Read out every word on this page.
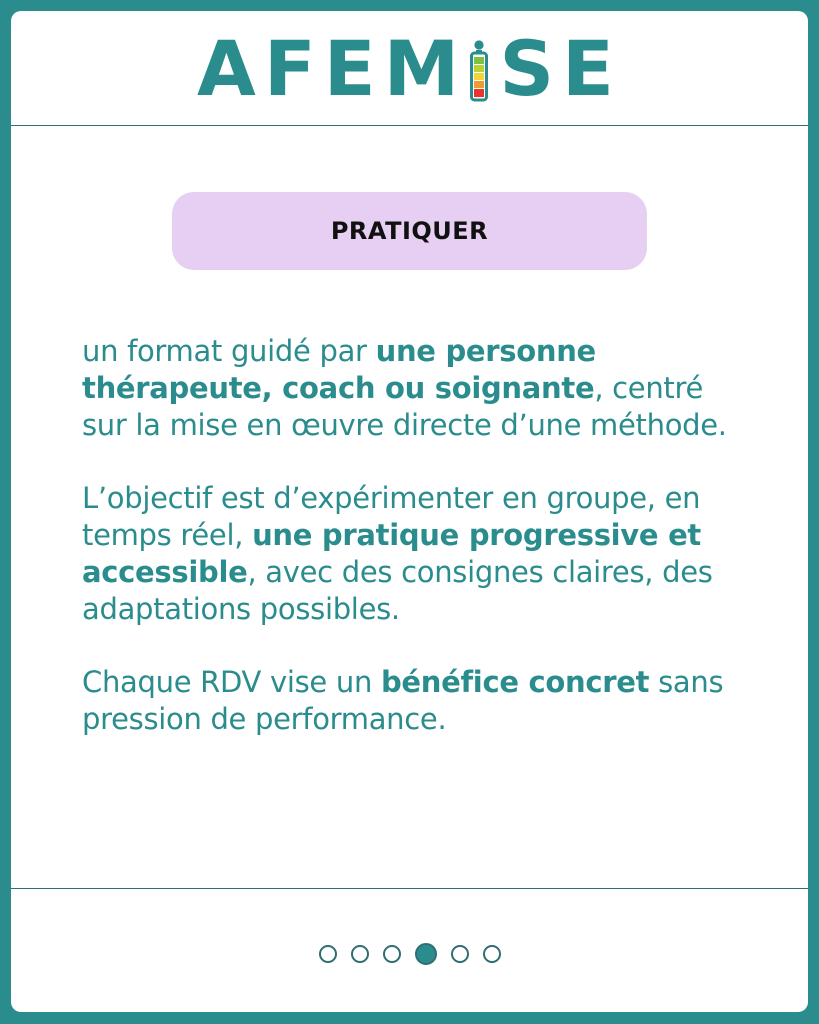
AFEM SE
PRATIQUER

un format guidé par une personne thérapeute, coach ou soignante, centré sur la mise en œuvre directe d’une méthode.

L’objectif est d’expérimenter en groupe, en temps réel, une pratique progressive et accessible, avec des consignes claires, des adaptations possibles.

Chaque RDV vise un bénéfice concret sans pression de performance.
